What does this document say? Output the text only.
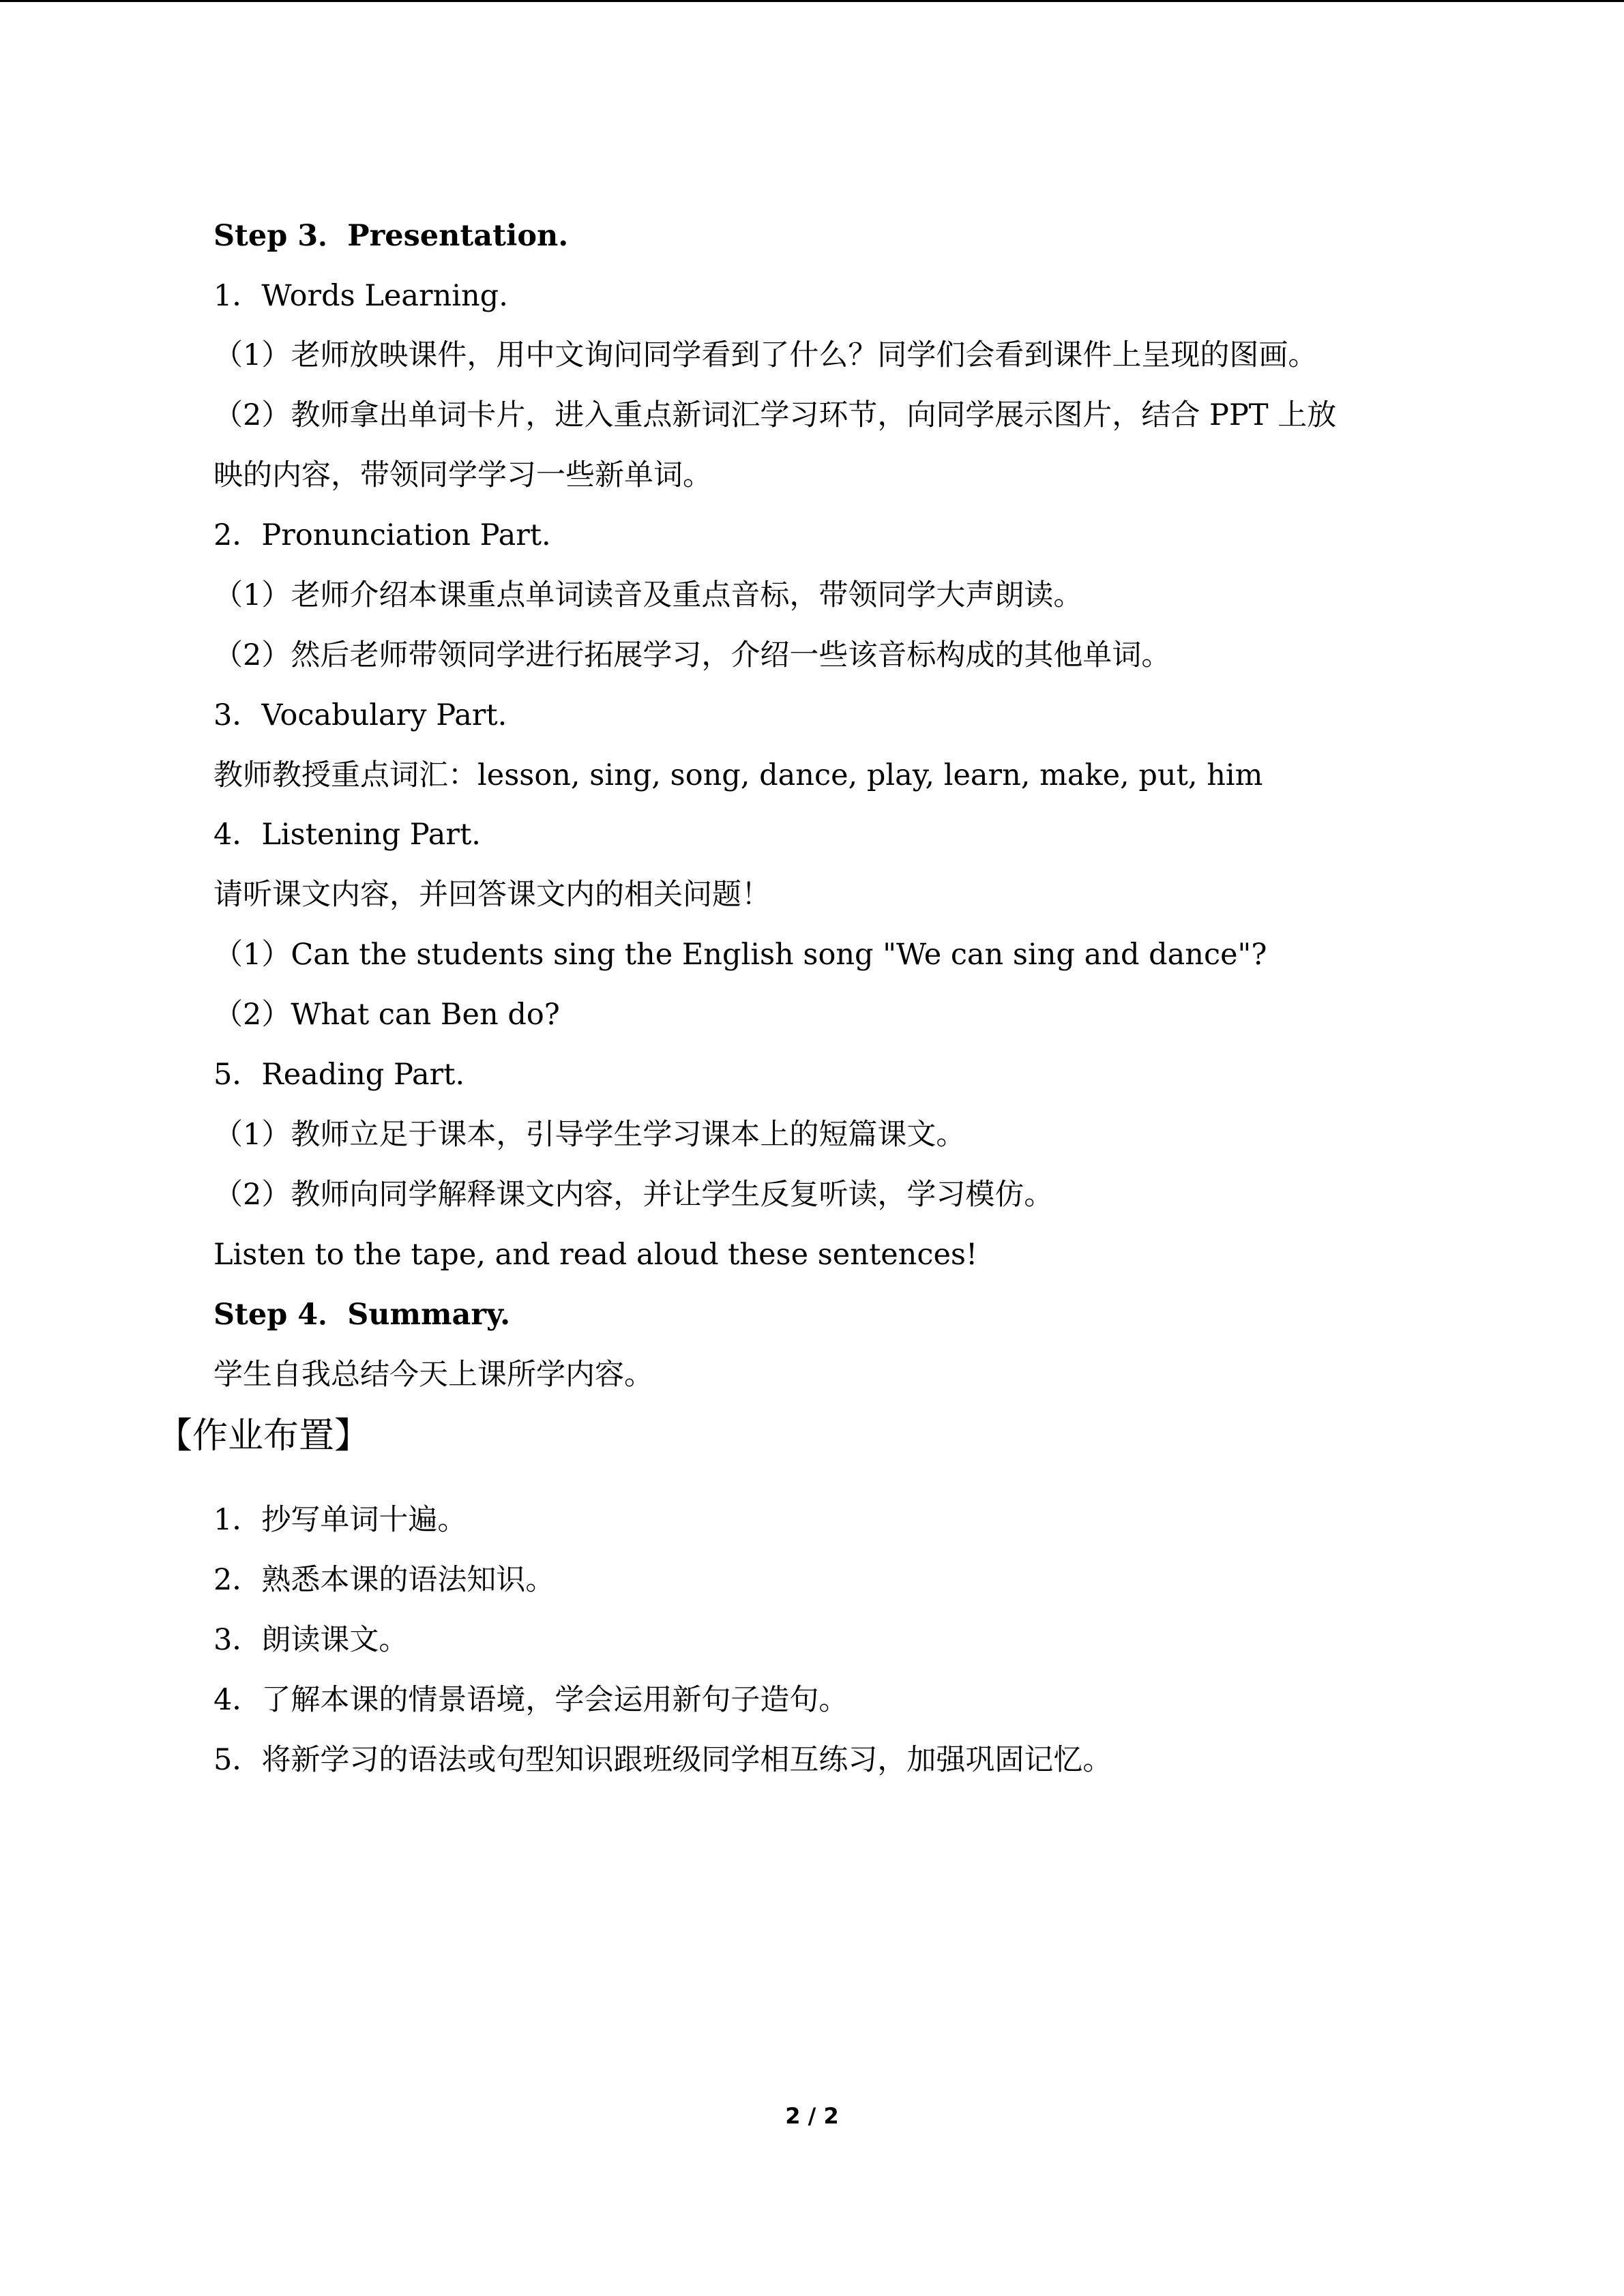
Step 3．Presentation.
1．Words Learning.
（1）老师放映课件，用中文询问同学看到了什么？同学们会看到课件上呈现的图画。
（2）教师拿出单词卡片，进入重点新词汇学习环节，向同学展示图片，结合 PPT 上放
映的内容，带领同学学习一些新单词。
2．Pronunciation Part.
（1）老师介绍本课重点单词读音及重点音标，带领同学大声朗读。
（2）然后老师带领同学进行拓展学习，介绍一些该音标构成的其他单词。
3．Vocabulary Part.
教师教授重点词汇：lesson, sing, song, dance, play, learn, make, put, him
4．Listening Part.
请听课文内容，并回答课文内的相关问题！
（1）Can the students sing the English song "We can sing and dance"?
（2）What can Ben do?
5．Reading Part.
（1）教师立足于课本，引导学生学习课本上的短篇课文。
（2）教师向同学解释课文内容，并让学生反复听读，学习模仿。
Listen to the tape, and read aloud these sentences!
Step 4．Summary.
学生自我总结今天上课所学内容。
【作业布置】
1．抄写单词十遍。
2．熟悉本课的语法知识。
3．朗读课文。
4．了解本课的情景语境，学会运用新句子造句。
5．将新学习的语法或句型知识跟班级同学相互练习，加强巩固记忆。
2 / 2
